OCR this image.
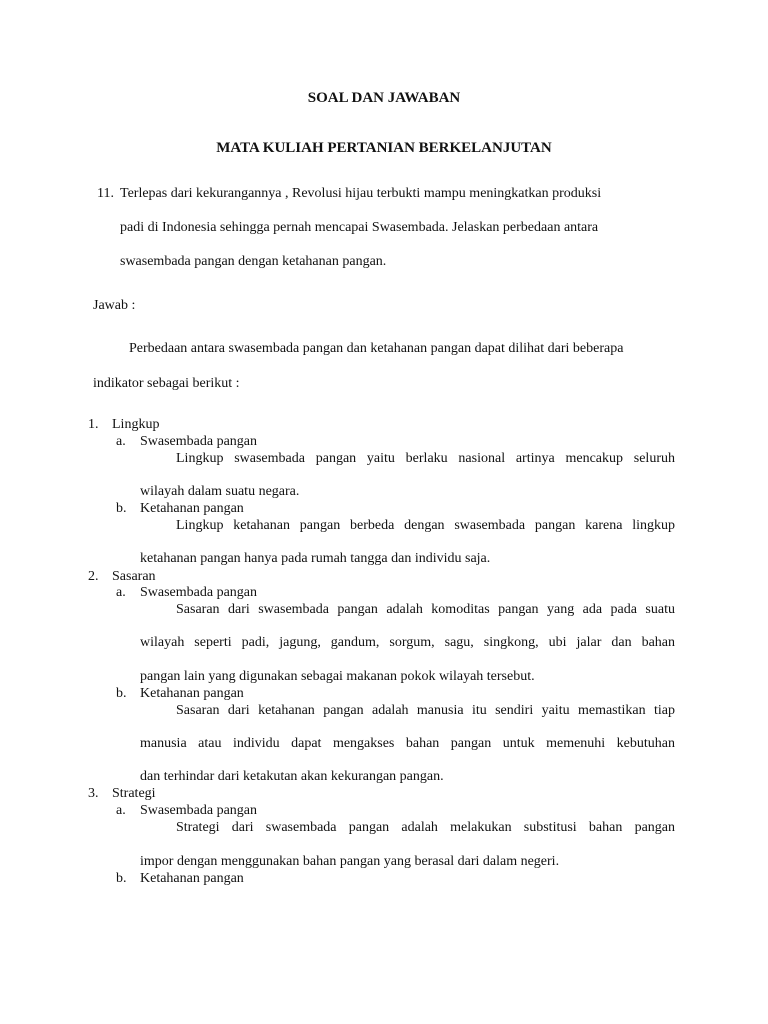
SOAL DAN JAWABAN
MATA KULIAH PERTANIAN BERKELANJUTAN
11. Terlepas dari kekurangannya , Revolusi hijau terbukti mampu meningkatkan produksi
padi di Indonesia sehingga pernah mencapai Swasembada. Jelaskan perbedaan antara
swasembada pangan dengan ketahanan pangan.
Jawab :
Perbedaan antara swasembada pangan dan ketahanan pangan dapat dilihat dari beberapa
indikator sebagai berikut :
1. Lingkup
a. Swasembada pangan
Lingkup swasembada pangan yaitu berlaku nasional artinya mencakup seluruh
wilayah dalam suatu negara.
b. Ketahanan pangan
Lingkup ketahanan pangan berbeda dengan swasembada pangan karena lingkup
ketahanan pangan hanya pada rumah tangga dan individu saja.
2. Sasaran
a. Swasembada pangan
Sasaran dari swasembada pangan adalah komoditas pangan yang ada pada suatu
wilayah seperti padi, jagung, gandum, sorgum, sagu, singkong, ubi jalar dan bahan
pangan lain yang digunakan sebagai makanan pokok wilayah tersebut.
b. Ketahanan pangan
Sasaran dari ketahanan pangan adalah manusia itu sendiri yaitu memastikan tiap
manusia atau individu dapat mengakses bahan pangan untuk memenuhi kebutuhan
dan terhindar dari ketakutan akan kekurangan pangan.
3. Strategi
a. Swasembada pangan
Strategi dari swasembada pangan adalah melakukan substitusi bahan pangan
impor dengan menggunakan bahan pangan yang berasal dari dalam negeri.
b. Ketahanan pangan
